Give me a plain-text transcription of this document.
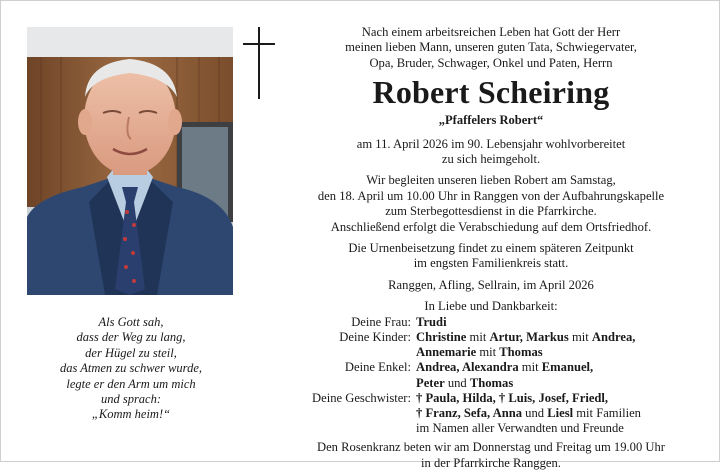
Als Gott sah,
dass der Weg zu lang,
der Hügel zu steil,
das Atmen zu schwer wurde,
legte er den Arm um mich
und sprach:
„Komm heim!“

Nach einem arbeitsreichen Leben hat Gott der Herr

meinen lieben Mann, unseren guten Tata, Schwiegervater,

Opa, Bruder, Schwager, Onkel und Paten, Herrn

Robert Scheiring
„Pfaffelers Robert“

am 11. April 2026 im 90. Lebensjahr wohlvorbereitet

zu sich heimgeholt.

Wir begleiten unseren lieben Robert am Samstag,

den 18. April um 10.00 Uhr in Ranggen von der Aufbahrungskapelle

zum Sterbegottesdienst in die Pfarrkirche.

Anschließend erfolgt die Verabschiedung auf dem Ortsfriedhof.

Die Urnenbeisetzung findet zu einem späteren Zeitpunkt

im engsten Familienkreis statt.

Ranggen, Afling, Sellrain, im April 2026

In Liebe und Dankbarkeit:

Deine Frau:	Trudi
Deine Kinder:	Christine mit Artur, Markus mit Andrea,
Annemarie mit Thomas
Deine Enkel:	Andrea, Alexandra mit Emanuel,
Peter und Thomas
Deine Geschwister:	† Paula, Hilda, † Luis, Josef, Friedl,
† Franz, Sefa, Anna und Liesl mit Familien
im Namen aller Verwandten und Freunde

Den Rosenkranz beten wir am Donnerstag und Freitag um 19.00 Uhr

in der Pfarrkirche Ranggen.
